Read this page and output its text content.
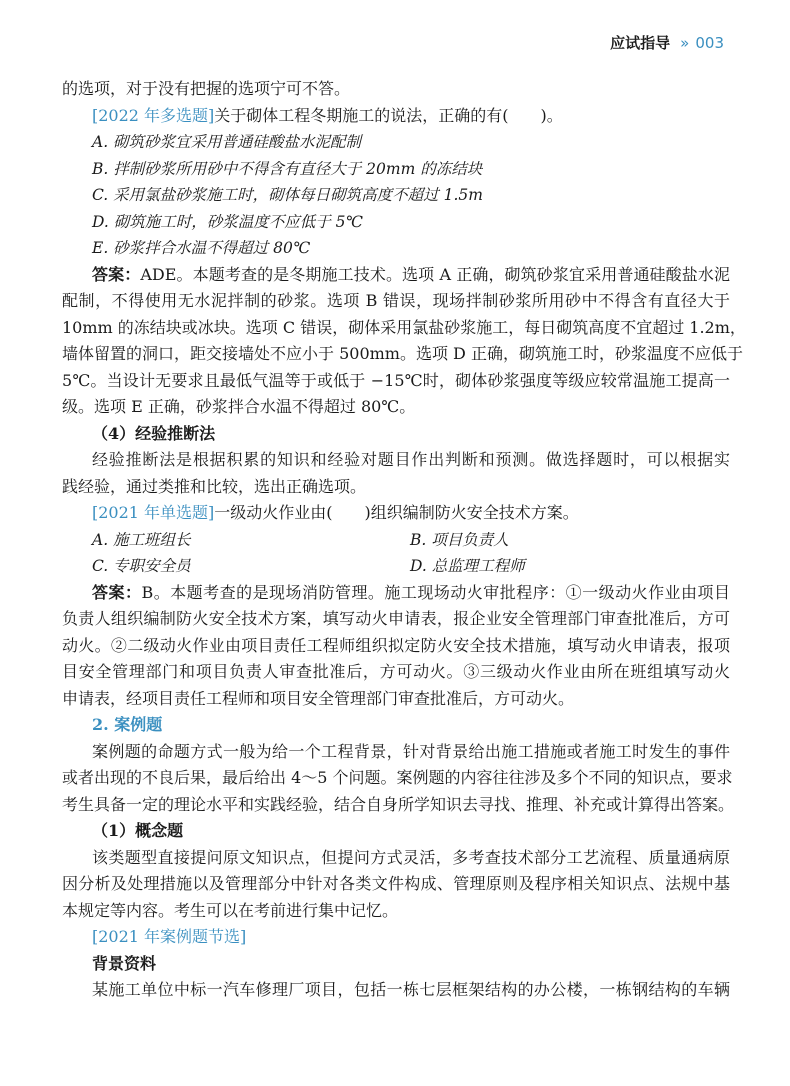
应试指导 » 003
的选项，对于没有把握的选项宁可不答。
[2022 年多选题]关于砌体工程冬期施工的说法，正确的有(　　)。
A. 砌筑砂浆宜采用普通硅酸盐水泥配制
B. 拌制砂浆所用砂中不得含有直径大于 20mm 的冻结块
C. 采用氯盐砂浆施工时，砌体每日砌筑高度不超过 1.5m
D. 砌筑施工时，砂浆温度不应低于 5℃
E. 砂浆拌合水温不得超过 80℃
答案：ADE。本题考查的是冬期施工技术。选项 A 正确，砌筑砂浆宜采用普通硅酸盐水泥
配制，不得使用无水泥拌制的砂浆。选项 B 错误，现场拌制砂浆所用砂中不得含有直径大于
10mm 的冻结块或冰块。选项 C 错误，砌体采用氯盐砂浆施工，每日砌筑高度不宜超过 1.2m，
墙体留置的洞口，距交接墙处不应小于 500mm。选项 D 正确，砌筑施工时，砂浆温度不应低于
5℃。当设计无要求且最低气温等于或低于 −15℃时，砌体砂浆强度等级应较常温施工提高一
级。选项 E 正确，砂浆拌合水温不得超过 80℃。
（4）经验推断法
经验推断法是根据积累的知识和经验对题目作出判断和预测。做选择题时，可以根据实
践经验，通过类推和比较，选出正确选项。
[2021 年单选题]一级动火作业由(　　)组织编制防火安全技术方案。
A. 施工班组长	B. 项目负责人
C. 专职安全员	D. 总监理工程师
答案：B。本题考查的是现场消防管理。施工现场动火审批程序：①一级动火作业由项目
负责人组织编制防火安全技术方案，填写动火申请表，报企业安全管理部门审查批准后，方可
动火。②二级动火作业由项目责任工程师组织拟定防火安全技术措施，填写动火申请表，报项
目安全管理部门和项目负责人审查批准后，方可动火。③三级动火作业由所在班组填写动火
申请表，经项目责任工程师和项目安全管理部门审查批准后，方可动火。
2. 案例题
案例题的命题方式一般为给一个工程背景，针对背景给出施工措施或者施工时发生的事件
或者出现的不良后果，最后给出 4～5 个问题。案例题的内容往往涉及多个不同的知识点，要求
考生具备一定的理论水平和实践经验，结合自身所学知识去寻找、推理、补充或计算得出答案。
（1）概念题
该类题型直接提问原文知识点，但提问方式灵活，多考查技术部分工艺流程、质量通病原
因分析及处理措施以及管理部分中针对各类文件构成、管理原则及程序相关知识点、法规中基
本规定等内容。考生可以在考前进行集中记忆。
[2021 年案例题节选]
背景资料
某施工单位中标一汽车修理厂项目，包括一栋七层框架结构的办公楼，一栋钢结构的车辆
